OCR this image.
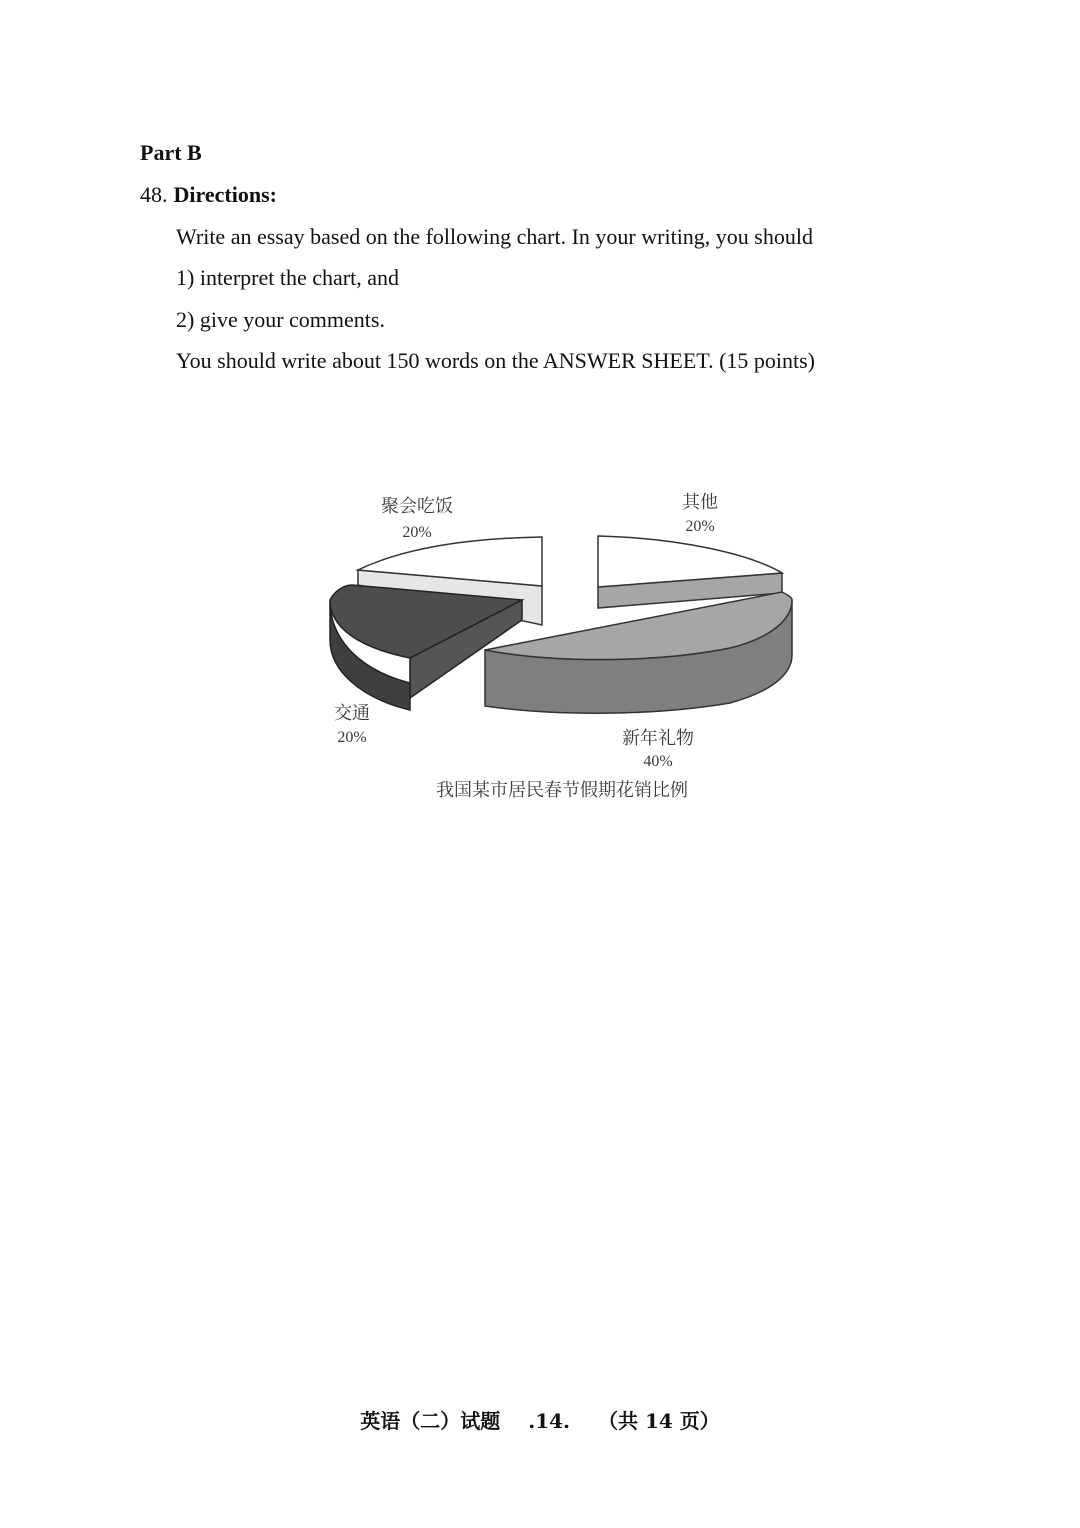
Part B
48. Directions:
Write an essay based on the following chart. In your writing, you should
1) interpret the chart, and
2) give your comments.
You should write about 150 words on the ANSWER SHEET. (15 points)
聚会吃饭
20%
其他
20%
新年礼物
40%
交通
20%
我国某市居民春节假期花销比例
英语（二）试题 .14. （共 14 页）
